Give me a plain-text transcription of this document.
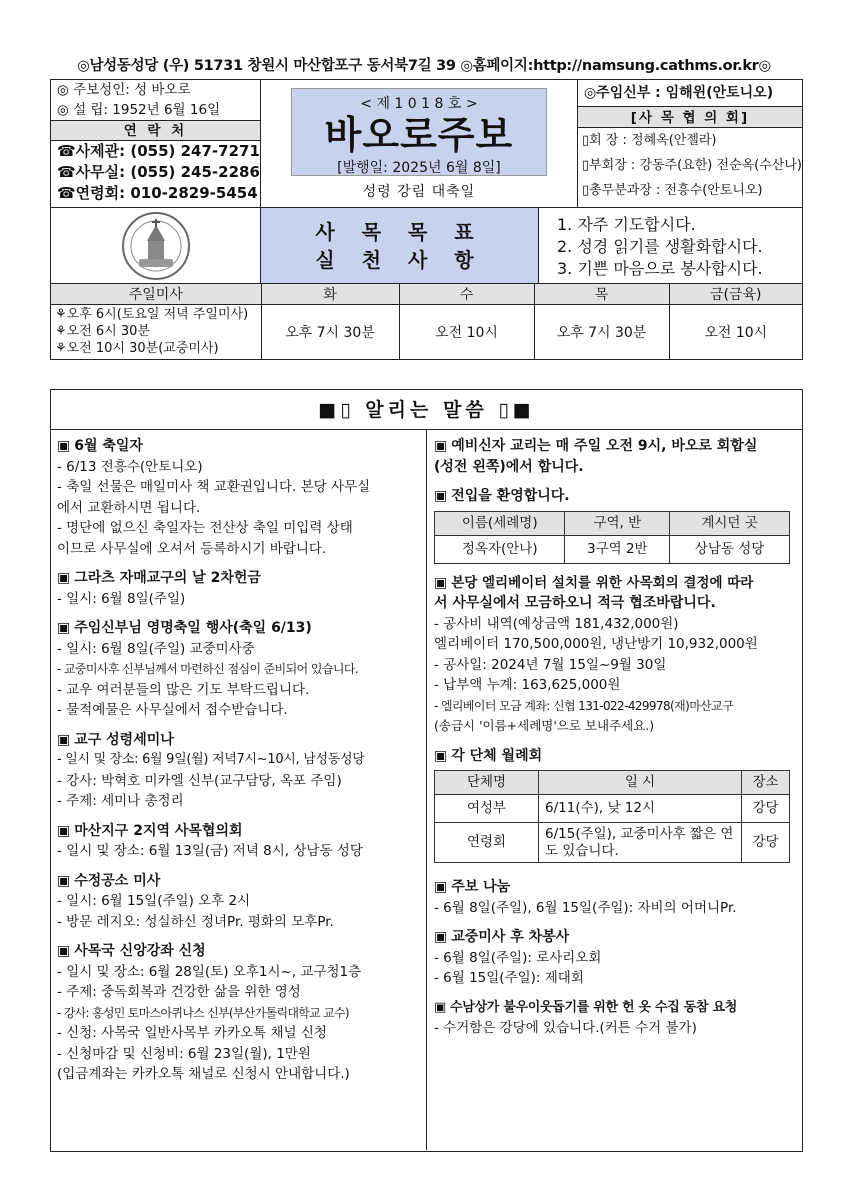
◎남성동성당 (우) 51731 창원시 마산합포구 동서북7길 39 ◎홈페이지:http://namsung.cathms.or.kr◎
◎ 주보성인: 성 바오로
◎ 설 립: 1952년 6월 16일
연 락 처
☎사제관: (055) 247-7271
☎사무실: (055) 245-2286
☎연령회: 010-2829-5454
< 제 1 0 1 8 호 >
바오로주보
[발행일: 2025년 6월 8일]
성령 강림 대축일
◎주임신부 : 임해윈(안토니오)
[사 목 협 의 회]
▯회 장 : 정혜옥(안젤라)
▯부회장 : 강동주(요한) 전순옥(수산나)
▯총무분과장 : 전흥수(안토니오)
사 목 목 표
실 천 사 항
1. 자주 기도합시다.
2. 성경 읽기를 생활화합시다.
3. 기쁜 마음으로 봉사합시다.
주일미사	화	수	목	금(금육)

⚘오후 6시(토요일 저녁 주일미사)
⚘오전 6시 30분
⚘오전 10시 30분(교중미사)	오후 7시 30분	오전 10시	오후 7시 30분	오전 10시
■▯ 알리는 말씀 ▯■
▣ 6월 축일자
- 6/13 전흥수(안토니오)
- 축일 선물은 매일미사 책 교환권입니다. 본당 사무실
에서 교환하시면 됩니다.
- 명단에 없으신 축일자는 전산상 축일 미입력 상태
이므로 사무실에 오셔서 등록하시기 바랍니다.
▣ 그라츠 자매교구의 날 2차헌금
- 일시: 6월 8일(주일)
▣ 주임신부님 영명축일 행사(축일 6/13)
- 일시: 6월 8일(주일) 교중미사중
- 교중미사후 신부님께서 마련하신 점심이 준비되어 있습니다.
- 교우 여러분들의 많은 기도 부탁드립니다.
- 물적예물은 사무실에서 접수받습니다.
▣ 교구 성령세미나
- 일시 및 장소: 6월 9일(월) 저녁7시~10시, 남성동성당
- 강사: 박혁호 미카엘 신부(교구담당, 옥포 주임)
- 주제: 세미나 총정리
▣ 마산지구 2지역 사목협의회
- 일시 및 장소: 6월 13일(금) 저녁 8시, 상남동 성당
▣ 수정공소 미사
- 일시: 6월 15일(주일) 오후 2시
- 방문 레지오: 성실하신 정녀Pr. 평화의 모후Pr.
▣ 사목국 신앙강좌 신청
- 일시 및 장소: 6월 28일(토) 오후1시~, 교구청1층
- 주제: 중독회복과 건강한 삶을 위한 영성
- 강사: 홍성민 토마스아퀴나스 신부(부산가톨릭대학교 교수)
- 신청: 사목국 일반사목부 카카오톡 채널 신청
- 신청마감 및 신청비: 6월 23일(월), 1만원
(입금계좌는 카카오톡 채널로 신청시 안내합니다.)
▣ 예비신자 교리는 매 주일 오전 9시, 바오로 회합실
(성전 왼쪽)에서 합니다.
▣ 전입을 환영합니다.
이름(세례명)	구역, 반	계시던 곳
정옥자(안나)	3구역 2반	상남동 성당
▣ 본당 엘리베이터 설치를 위한 사목회의 결정에 따라
서 사무실에서 모금하오니 적극 협조바랍니다.
- 공사비 내역(예상금액 181,432,000원)
엘리베이터 170,500,000원, 냉난방기 10,932,000원
- 공사일: 2024년 7월 15일~9월 30일
- 납부액 누계: 163,625,000원
- 엘리베이터 모금 계좌: 신협 131-022-429978(재)마산교구
(송금시 '이름+세례명'으로 보내주세요.)
▣ 각 단체 월례회
단체명	일 시	장소
여성부	6/11(수), 낮 12시	강당
연령회	6/15(주일), 교중미사후 짧은 연도 있습니다.	강당
▣ 주보 나눔
- 6월 8일(주일), 6월 15일(주일): 자비의 어머니Pr.
▣ 교중미사 후 차봉사
- 6월 8일(주일): 로사리오회
- 6월 15일(주일): 제대회
▣ 수남상가 불우이웃돕기를 위한 헌 옷 수집 동참 요청
- 수거함은 강당에 있습니다.(커튼 수거 불가)
